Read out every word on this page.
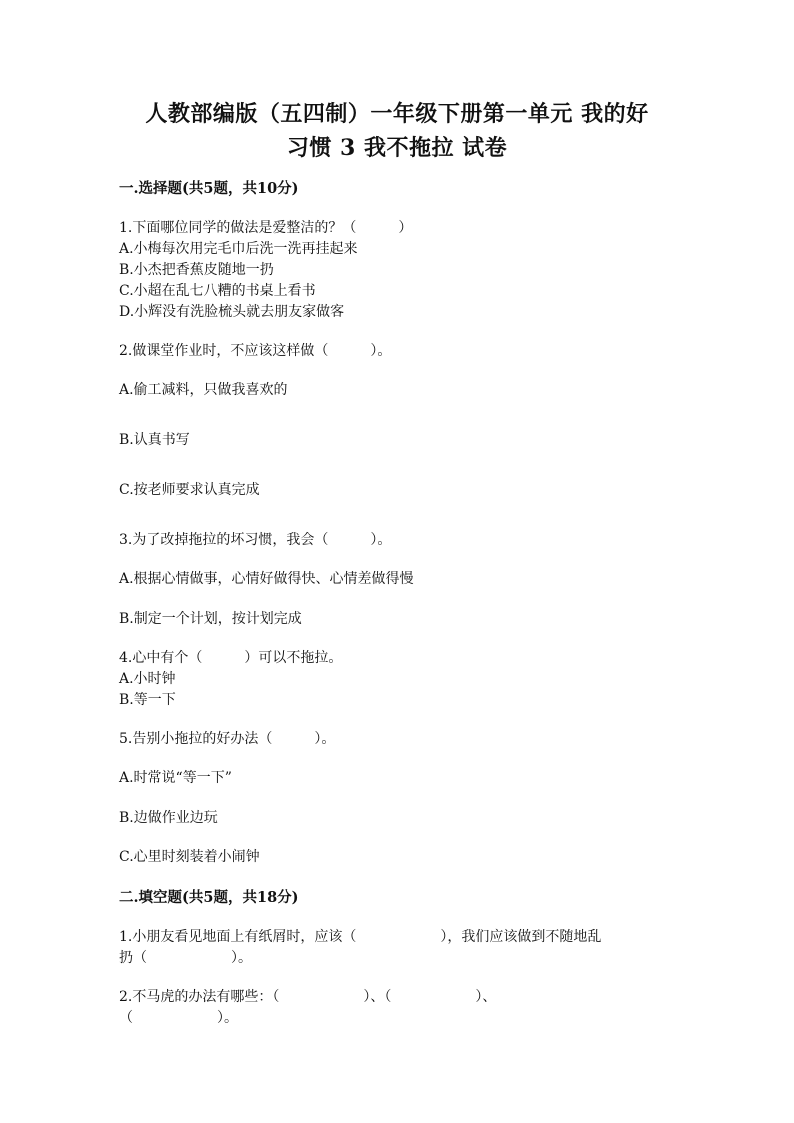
人教部编版（五四制）一年级下册第一单元 我的好
习惯 3 我不拖拉 试卷
一.选择题(共5题，共10分)
1.下面哪位同学的做法是爱整洁的？（　　　）
A.小梅每次用完毛巾后洗一洗再挂起来
B.小杰把香蕉皮随地一扔
C.小超在乱七八糟的书桌上看书
D.小辉没有洗脸梳头就去朋友家做客
2.做课堂作业时，不应该这样做（　　　）。
A.偷工减料，只做我喜欢的
B.认真书写
C.按老师要求认真完成
3.为了改掉拖拉的坏习惯，我会（　　　）。
A.根据心情做事，心情好做得快、心情差做得慢
B.制定一个计划，按计划完成
4.心中有个（　　　）可以不拖拉。
A.小时钟
B.等一下
5.告别小拖拉的好办法（　　　）。
A.时常说“等一下”
B.边做作业边玩
C.心里时刻装着小闹钟
二.填空题(共5题，共18分)
1.小朋友看见地面上有纸屑时，应该（　　　　　　），我们应该做到不随地乱
扔（　　　　　　）。
2.不马虎的办法有哪些：（　　　　　　）、（　　　　　　）、
（　　　　　　）。
